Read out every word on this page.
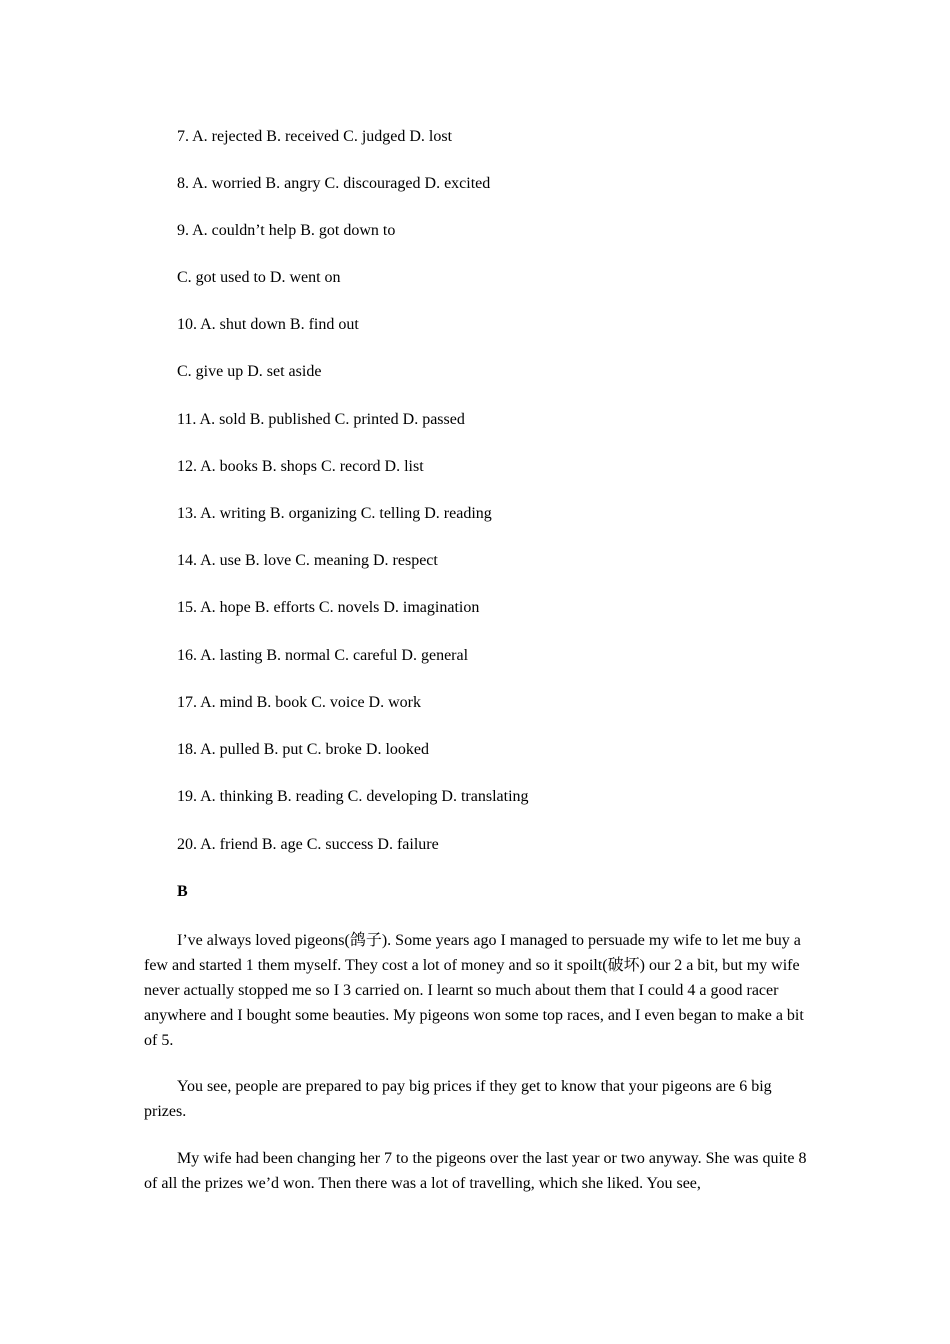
7. A. rejected B. received C. judged D. lost
8. A. worried B. angry C. discouraged D. excited
9. A. couldn’t help B. got down to
C. got used to D. went on
10. A. shut down B. find out
C. give up D. set aside
11. A. sold B. published C. printed D. passed
12. A. books B. shops C. record D. list
13. A. writing B. organizing C. telling D. reading
14. A. use B. love C. meaning D. respect
15. A. hope B. efforts C. novels D. imagination
16. A. lasting B. normal C. careful D. general
17. A. mind B. book C. voice D. work
18. A. pulled B. put C. broke D. looked
19. A. thinking B. reading C. developing D. translating
20. A. friend B. age C. success D. failure
B

I’ve always loved pigeons(鸽子). Some years ago I managed to persuade my wife to let me buy a few and started 1 them myself. They cost a lot of money and so it spoilt(破坏) our 2 a bit, but my wife never actually stopped me so I 3 carried on. I learnt so much about them that I could 4 a good racer anywhere and I bought some beauties. My pigeons won some top races, and I even began to make a bit of 5.

You see, people are prepared to pay big prices if they get to know that your pigeons are 6 big prizes.

My wife had been changing her 7 to the pigeons over the last year or two anyway. She was quite 8 of all the prizes we’d won. Then there was a lot of travelling, which she liked. You see,
